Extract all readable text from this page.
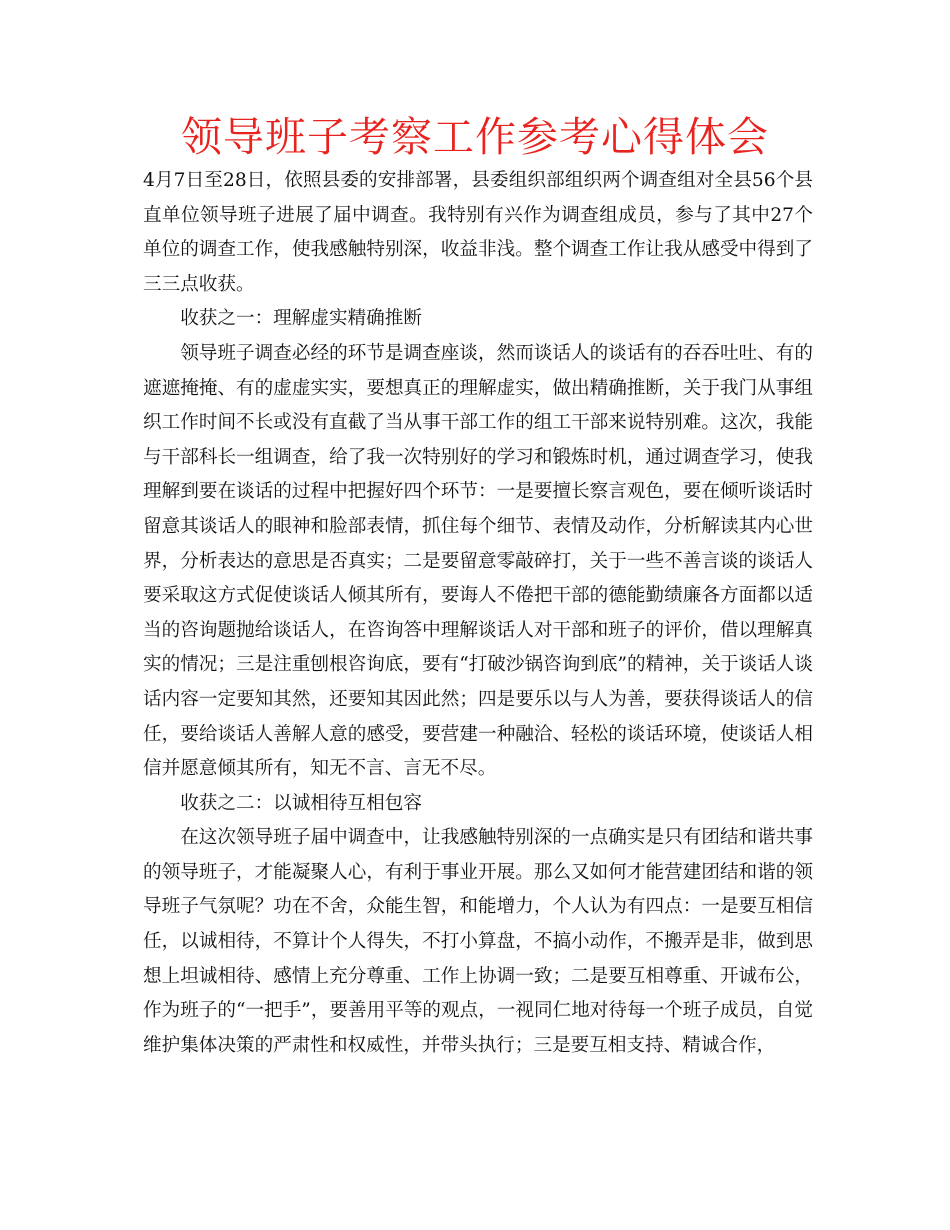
领导班子考察工作参考心得体会

4月7日至28日，依照县委的安排部署，县委组织部组织两个调查组对全县56个县直单位领导班子进展了届中调查。我特别有兴作为调查组成员，参与了其中27个单位的调查工作，使我感触特别深，收益非浅。整个调查工作让我从感受中得到了三三点收获。

收获之一：理解虚实精确推断

领导班子调查必经的环节是调查座谈，然而谈话人的谈话有的吞吞吐吐、有的遮遮掩掩、有的虚虚实实，要想真正的理解虚实，做出精确推断，关于我门从事组织工作时间不长或没有直截了当从事干部工作的组工干部来说特别难。这次，我能与干部科长一组调查，给了我一次特别好的学习和锻炼时机，通过调查学习，使我理解到要在谈话的过程中把握好四个环节：一是要擅长察言观色，要在倾听谈话时留意其谈话人的眼神和脸部表情，抓住每个细节、表情及动作，分析解读其内心世界，分析表达的意思是否真实；二是要留意零敲碎打，关于一些不善言谈的谈话人要采取这方式促使谈话人倾其所有，要诲人不倦把干部的德能勤绩廉各方面都以适当的咨询题抛给谈话人，在咨询答中理解谈话人对干部和班子的评价，借以理解真实的情况；三是注重刨根咨询底，要有“打破沙锅咨询到底”的精神，关于谈话人谈话内容一定要知其然，还要知其因此然；四是要乐以与人为善，要获得谈话人的信任，要给谈话人善解人意的感受，要营建一种融洽、轻松的谈话环境，使谈话人相信并愿意倾其所有，知无不言、言无不尽。

收获之二：以诚相待互相包容

在这次领导班子届中调查中，让我感触特别深的一点确实是只有团结和谐共事的领导班子，才能凝聚人心，有利于事业开展。那么又如何才能营建团结和谐的领导班子气氛呢？功在不舍，众能生智，和能增力，个人认为有四点：一是要互相信任，以诚相待，不算计个人得失，不打小算盘，不搞小动作，不搬弄是非，做到思想上坦诚相待、感情上充分尊重、工作上协调一致；二是要互相尊重、开诚布公，作为班子的“一把手”，要善用平等的观点，一视同仁地对待每一个班子成员，自觉维护集体决策的严肃性和权威性，并带头执行；三是要互相支持、精诚合作，
